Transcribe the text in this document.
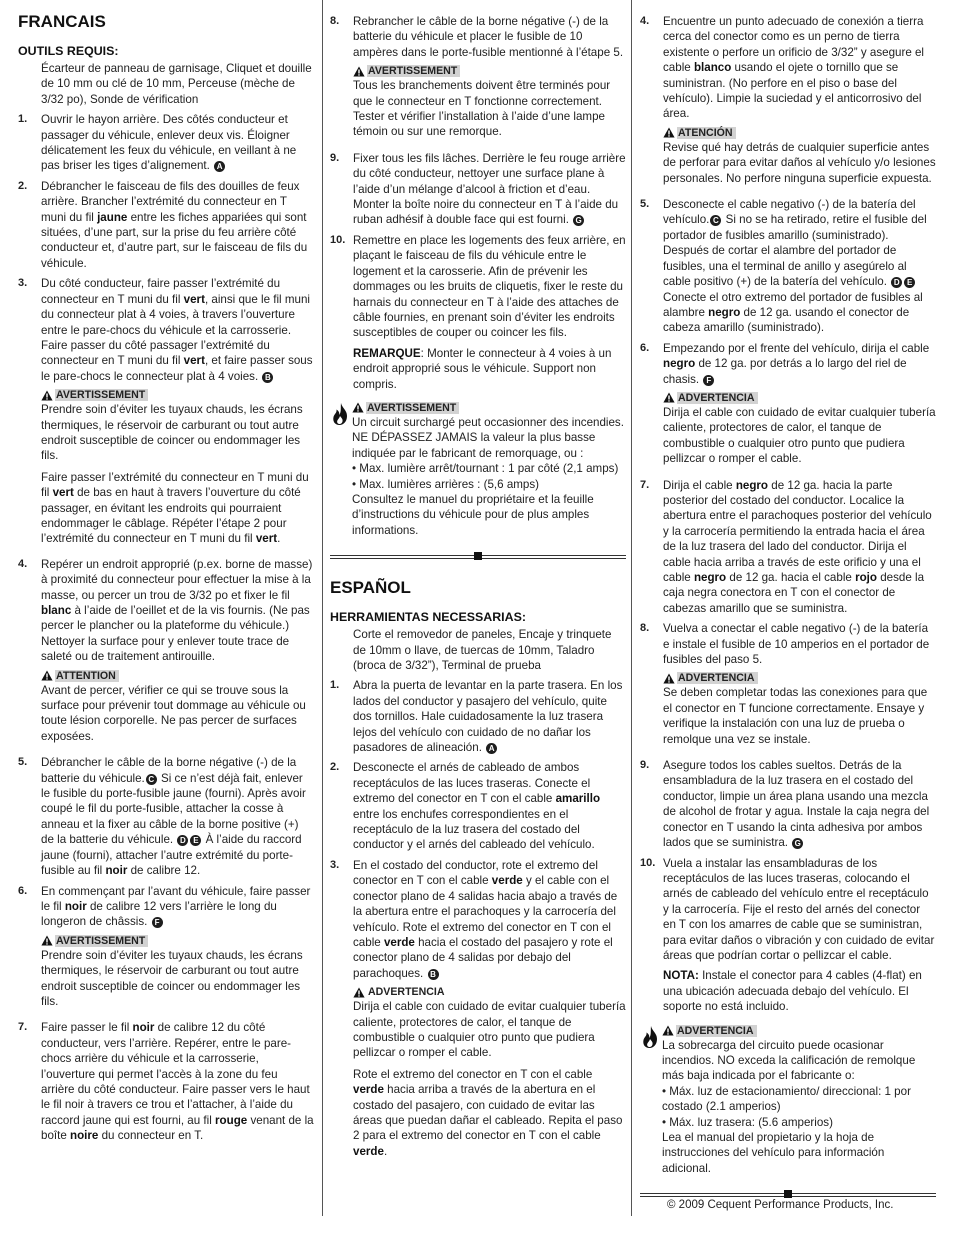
FRANCAIS
OUTILS REQUIS:

Écarteur de panneau de garnisage, Cliquet et douille de 10 mm ou clé de 10 mm, Perceuse (mèche de 3/32 po), Sonde de vérification

1.	Ouvrir le hayon arrière. Des côtés conducteur et passager du véhicule, enlever deux vis. Éloigner délicatement les feux du véhicule, en veillant à ne pas briser les tiges d’alignement. A
2.	Débrancher le faisceau de fils des douilles de feux arrière. Brancher l’extrémité du connecteur en T muni du fil jaune entre les fiches appariées qui sont situées, d’une part, sur la prise du feu arrière côté conducteur et, d’autre part, sur le faisceau de fils du véhicule.
3.	Du côté conducteur, faire passer l’extrémité du connecteur en T muni du fil vert, ainsi que le fil muni du connecteur plat à 4 voies, à travers l’ouverture entre le pare-chocs du véhicule et la carrosserie. Faire passer du côté passager l’extrémité du connecteur en T muni du fil vert, et faire passer sous le pare-chocs le connecteur plat à 4 voies. B

AVERTISSEMENT
Prendre soin d’éviter les tuyaux chauds, les écrans thermiques, le réservoir de carburant ou tout autre endroit susceptible de coincer ou endommager les fils.

Faire passer l’extrémité du connecteur en T muni du fil vert de bas en haut à travers l’ouverture du côté passager, en évitant les endroits qui pourraient endommager le câblage. Répéter l’étape 2 pour l’extrémité du connecteur en T muni du fil vert.

4.	Repérer un endroit approprié (p.ex. borne de masse) à proximité du connecteur pour effectuer la mise à la masse, ou percer un trou de 3/32 po et fixer le fil blanc à l’aide de l’oeillet et de la vis fournis. (Ne pas percer le plancher ou la plateforme du véhicule.) Nettoyer la surface pour y enlever toute trace de saleté ou de traitement antirouille.

ATTENTION
Avant de percer, vérifier ce qui se trouve sous la surface pour prévenir tout dommage au véhicule ou toute lésion corporelle. Ne pas percer de surfaces exposées.
5.	Débrancher le câble de la borne négative (-) de la batterie du véhicule. C Si ce n’est déjà fait, enlever le fusible du porte-fusible jaune (fourni). Après avoir coupé le fil du porte-fusible, attacher la cosse à anneau et la fixer au câble de la borne positive (+) de la batterie du véhicule. D E À l’aide du raccord jaune (fourni), attacher l’autre extrémité du porte-fusible au fil noir de calibre 12.
6.	En commençant par l’avant du véhicule, faire passer le fil noir de calibre 12 vers l’arrière le long du longeron de châssis. F

AVERTISSEMENT
Prendre soin d’éviter les tuyaux chauds, les écrans thermiques, le réservoir de carburant ou tout autre endroit susceptible de coincer ou endommager les fils.
7.	Faire passer le fil noir de calibre 12 du côté conducteur, vers l’arrière. Repérer, entre le pare-chocs arrière du véhicule et la carrosserie, l’ouverture qui permet l’accès à la zone du feu arrière du côté conducteur. Faire passer vers le haut le fil noir à travers ce trou et l’attacher, à l’aide du raccord jaune qui est fourni, au fil rouge venant de la boîte noire du connecteur en T.
8.	Rebrancher le câble de la borne négative (-) de la batterie du véhicule et placer le fusible de 10 ampères dans le porte-fusible mentionné à l’étape 5.

AVERTISSEMENT
Tous les branchements doivent être terminés pour que le connecteur en T fonctionne correctement. Tester et vérifier l’installation à l’aide d’une lampe témoin ou sur une remorque.
9.	Fixer tous les fils lâches. Derrière le feu rouge arrière du côté conducteur, nettoyer une surface plane à l’aide d’un mélange d’alcool à friction et d’eau. Monter la boîte noire du connecteur en T à l’aide du ruban adhésif à double face qui est fourni. G
10. Remettre en place les logements des feux arrière, en plaçant le faisceau de fils du véhicule entre le logement et la carosserie. Afin de prévenir les dommages ou les bruits de cliquetis, fixer le reste du harnais du connecteur en T à l’aide des attaches de câble fournies, en prenant soin d’éviter les endroits susceptibles de couper ou coincer les fils.

REMARQUE: Monter le connecteur à 4 voies à un endroit approprié sous le véhicule. Support non compris.

AVERTISSEMENT
Un circuit surchargé peut occasionner des incendies.
NE DÉPASSEZ JAMAIS la valeur la plus basse indiquée par le fabricant de remorquage, ou :
• Max. lumière arrêt/tournant : 1 par côté (2,1 amps)
• Max. lumières arrières : (5,6 amps)
Consultez le manuel du propriétaire et la feuille d’instructions du véhicule pour de plus amples informations.
ESPAÑOL
HERRAMIENTAS NECESSARIAS:

Corte el removedor de paneles, Encaje y trinquete de 10mm o llave, de tuercas de 10mm, Taladro (broca de 3/32”), Terminal de prueba

1.	Abra la puerta de levantar en la parte trasera. En los lados del conductor y pasajero del vehículo, quite dos tornillos. Hale cuidadosamente la luz trasera lejos del vehículo con cuidado de no dañar los pasadores de alineación. A
2.	Desconecte el arnés de cableado de ambos receptáculos de las luces traseras. Conecte el extremo del conector en T con el cable amarillo entre los enchufes correspondientes en el receptáculo de la luz trasera del costado del conductor y el arnés del cableado del vehículo.
3.	En el costado del conductor, rote el extremo del conector en T con el cable verde y el cable con el conector plano de 4 salidas hacia abajo a través de la abertura entre el parachoques y la carrocería del vehículo. Rote el extremo del conector en T con el cable verde hacia el costado del pasajero y rote el conector plano de 4 salidas por debajo del parachoques. B

ADVERTENCIA
Dirija el cable con cuidado de evitar cualquier tubería caliente, protectores de calor, el tanque de combustible o cualquier otro punto que pudiera pellizcar o romper el cable.

Rote el extremo del conector en T con el cable verde hacia arriba a través de la abertura en el costado del pasajero, con cuidado de evitar las áreas que puedan dañar el cableado. Repita el paso 2 para el extremo del conector en T con el cable verde.

4.	Encuentre un punto adecuado de conexión a tierra cerca del conector como es un perno de tierra existente o perfore un orificio de 3/32” y asegure el cable blanco usando el ojete o tornillo que se suministran. (No perfore en el piso o base del vehículo). Limpie la suciedad y el anticorrosivo del área.

ATENCIÓN
Revise qué hay detrás de cualquier superficie antes de perforar para evitar daños al vehículo y/o lesiones personales. No perfore ninguna superficie expuesta.
5.	Desconecte el cable negativo (-) de la batería del vehículo. C Si no se ha retirado, retire el fusible del portador de fusibles amarillo (suministrado). Después de cortar el alambre del portador de fusibles, una el terminal de anillo y asegúrelo al cable positivo (+) de la batería del vehículo. D E Conecte el otro extremo del portador de fusibles al alambre negro de 12 ga. usando el conector de cabeza amarillo (suministrado).
6.	Empezando por el frente del vehículo, dirija el cable negro de 12 ga. por detrás a lo largo del riel de chasis. F

ADVERTENCIA
Dirija el cable con cuidado de evitar cualquier tubería caliente, protectores de calor, el tanque de combustible o cualquier otro punto que pudiera pellizcar o romper el cable.
7.	Dirija el cable negro de 12 ga. hacia la parte posterior del costado del conductor. Localice la abertura entre el parachoques posterior del vehículo y la carrocería permitiendo la entrada hacia el área de la luz trasera del lado del conductor. Dirija el cable hacia arriba a través de este orificio y una el cable negro de 12 ga. hacia el cable rojo desde la caja negra conectora en T con el conector de cabezas amarillo que se suministra.
8.	Vuelva a conectar el cable negativo (-) de la batería e instale el fusible de 10 amperios en el portador de fusibles del paso 5.

ADVERTENCIA
Se deben completar todas las conexiones para que el conector en T funcione correctamente. Ensaye y verifique la instalación con una luz de prueba o remolque una vez se instale.
9.	Asegure todos los cables sueltos. Detrás de la ensambladura de la luz trasera en el costado del conductor, limpie un área plana usando una mezcla de alcohol de frotar y agua. Instale la caja negra del conector en T usando la cinta adhesiva por ambos lados que se suministra. G
10. Vuela a instalar las ensambladuras de los receptáculos de las luces traseras, colocando el arnés de cableado del vehículo entre el receptáculo y la carrocería. Fije el resto del arnés del conector en T con los amarres de cable que se suministran, para evitar daños o vibración y con cuidado de evitar áreas que podrían cortar o pellizcar el cable.

NOTA: Instale el conector para 4 cables (4-flat) en una ubicación adecuada debajo del vehículo. El soporte no está incluido.

ADVERTENCIA
La sobrecarga del circuito puede ocasionar incendios. NO exceda la calificación de remolque más baja indicada por el fabricante o:
• Máx. luz de estacionamiento/ direccional: 1 por costado (2.1 amperios)
• Máx. luz trasera: (5.6 amperios)
Lea el manual del propietario y la hoja de instrucciones del vehículo para información adicional.
© 2009 Cequent Performance Products, Inc.
